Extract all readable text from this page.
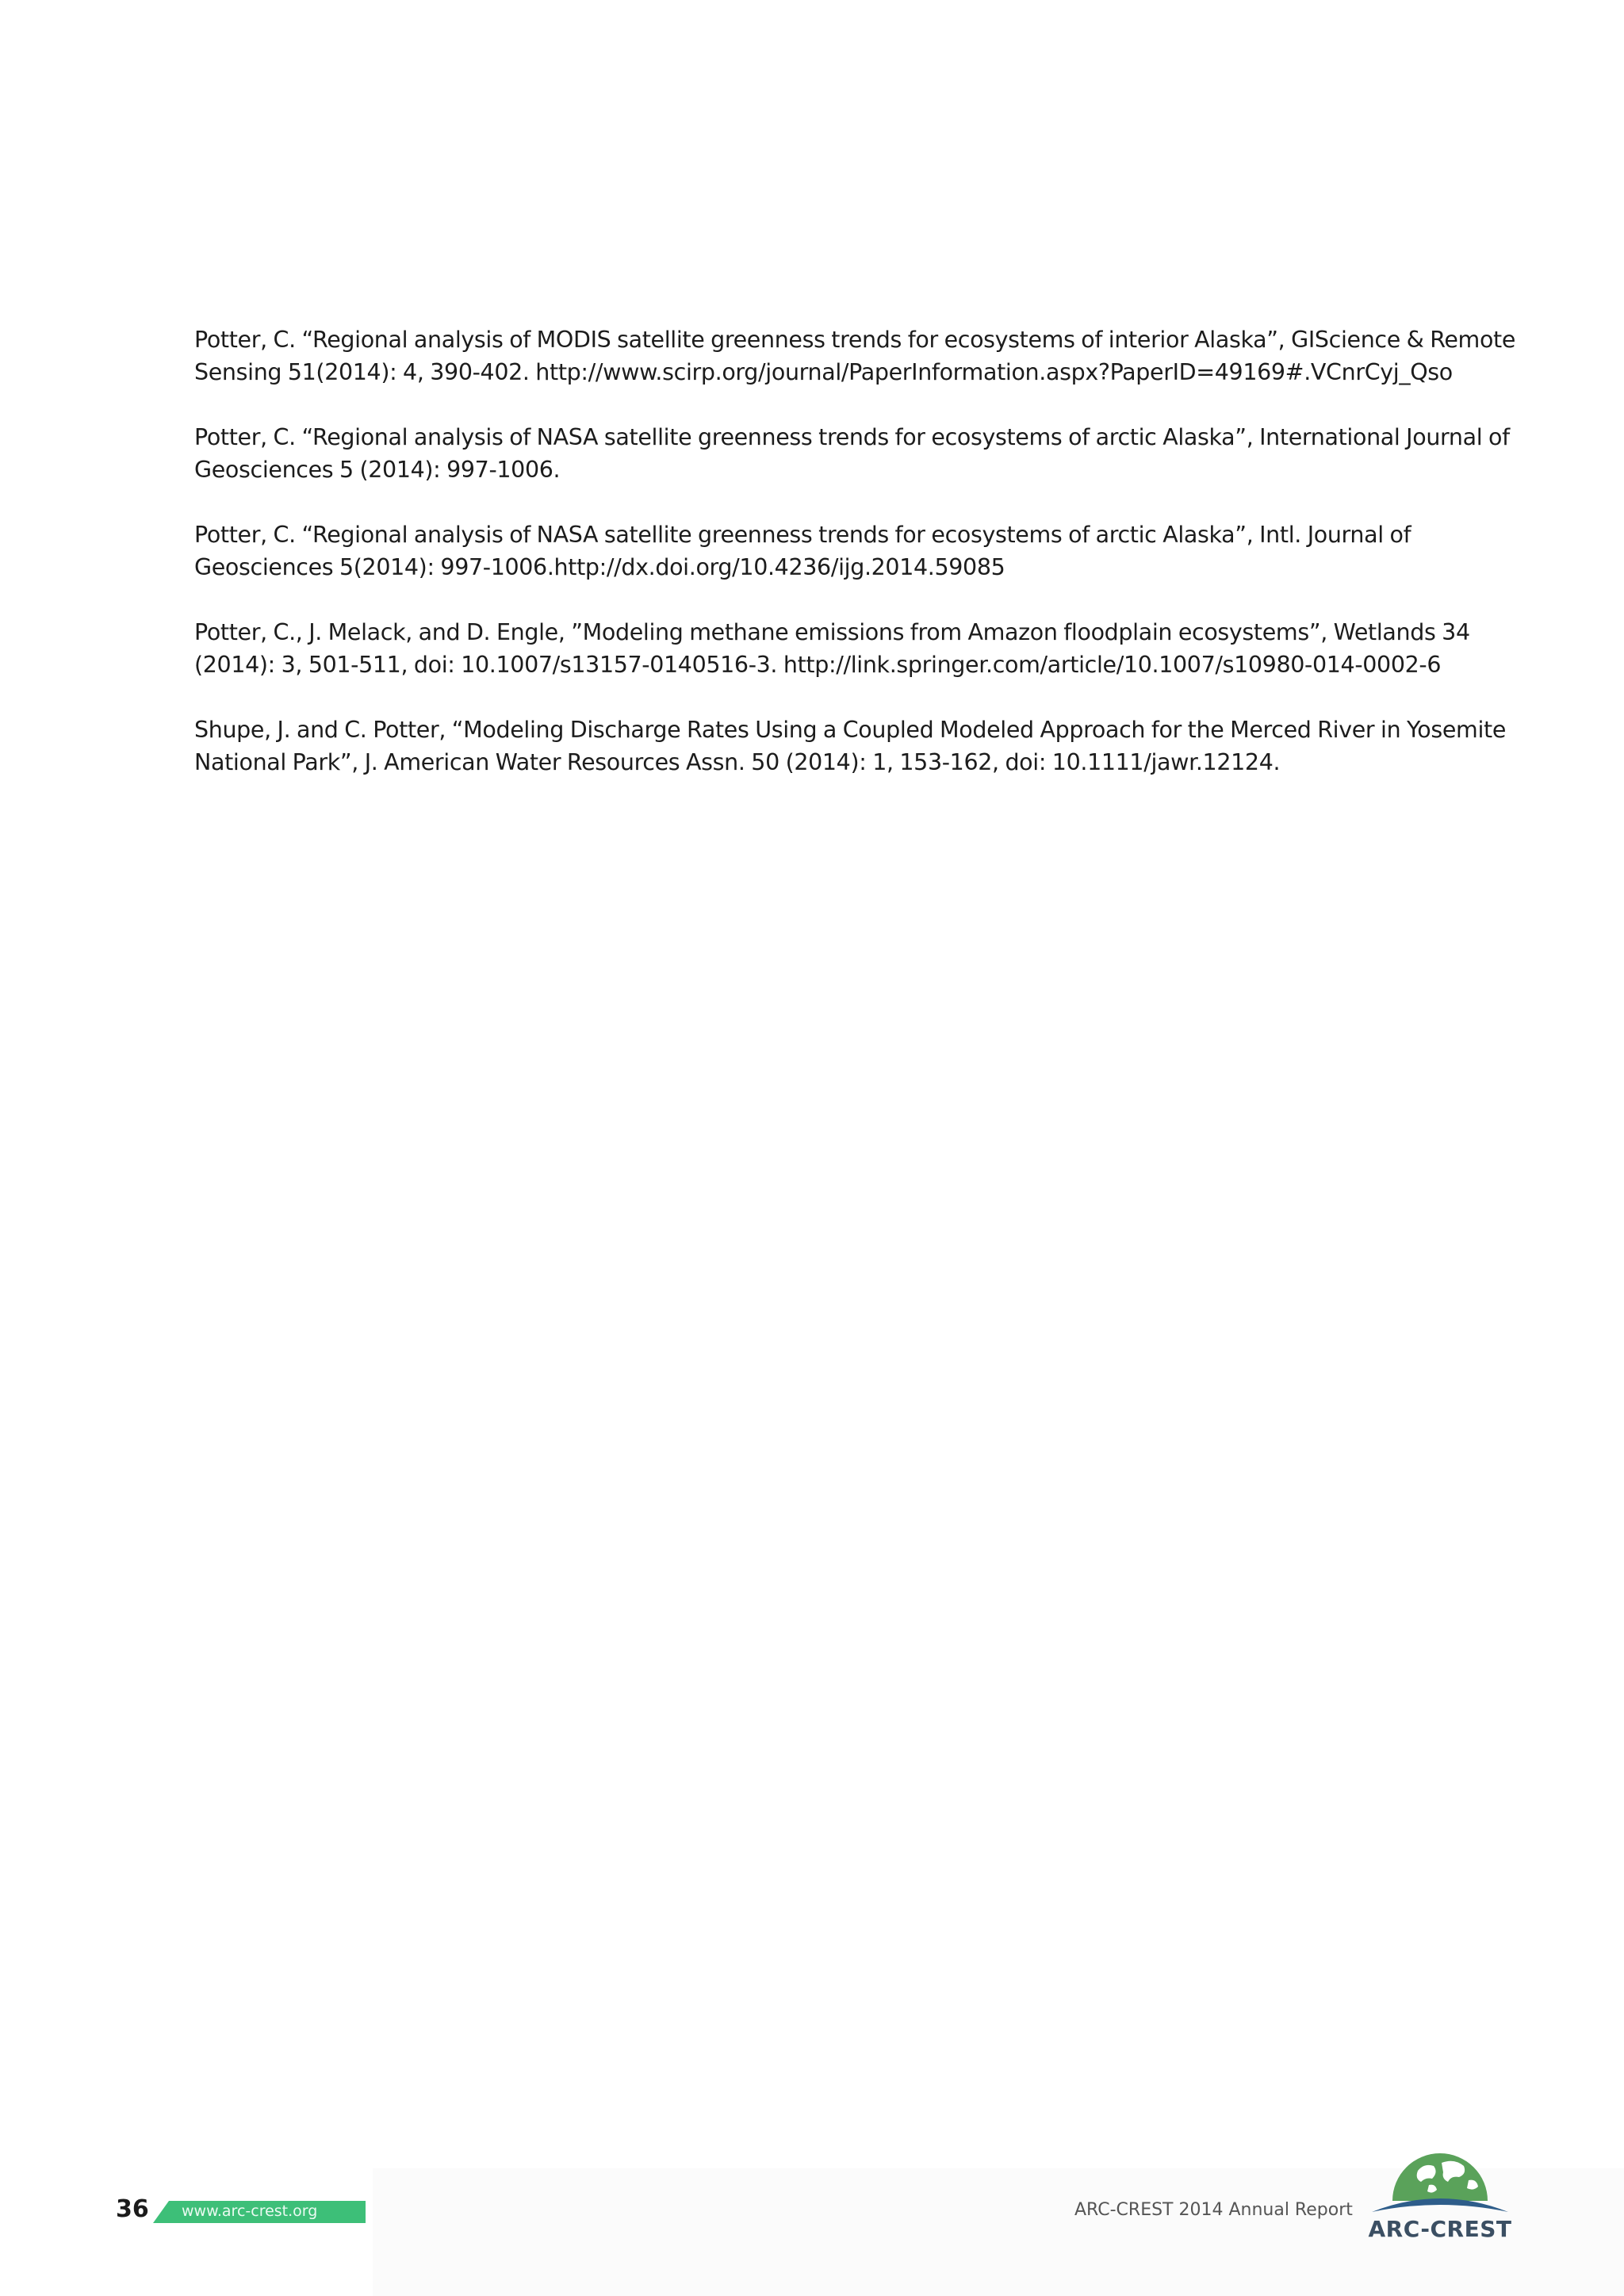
Potter, C. “Regional analysis of MODIS satellite greenness trends for ecosystems of interior Alaska”, GIScience & Remote Sensing 51(2014): 4, 390-402. http://www.scirp.org/journal/PaperInformation.aspx?PaperID=49169#.VCnrCyj_Qso

Potter, C. “Regional analysis of NASA satellite greenness trends for ecosystems of arctic Alaska”, International Journal of Geosciences 5 (2014): 997-1006.

Potter, C. “Regional analysis of NASA satellite greenness trends for ecosystems of arctic Alaska”, Intl. Journal of Geosciences 5(2014): 997-1006.http://dx.doi.org/10.4236/ijg.2014.59085

Potter, C., J. Melack, and D. Engle, ”Modeling methane emissions from Amazon floodplain ecosystems”, Wetlands 34 (2014): 3, 501-511, doi: 10.1007/s13157-0140516-3. http://link.springer.com/article/10.1007/s10980-014-0002-6

Shupe, J. and C. Potter, “Modeling Discharge Rates Using a Coupled Modeled Approach for the Merced River in Yosemite National Park”, J. American Water Resources Assn. 50 (2014): 1, 153-162, doi: 10.1111/jawr.12124.

36 www.arc-crest.org	ARC-CREST 2014 Annual Report
ARC-CREST
